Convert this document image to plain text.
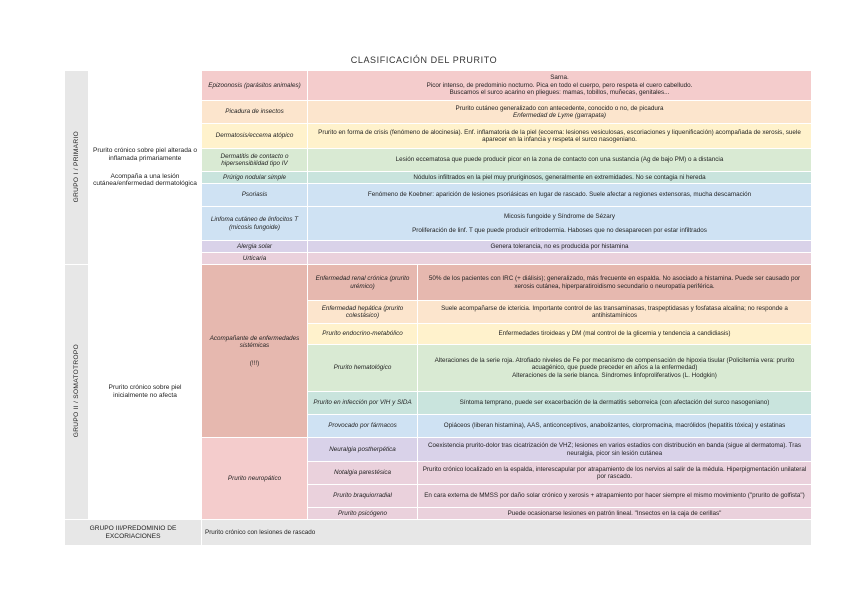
CLASIFICACIÓN DEL PRURITO
GRUPO I / PRIMARIO	Prurito crónico sobre piel alterada o inflamada primariamente
Acompaña a una lesión cutánea/enfermedad dermatológica	Epizoonosis (parásitos animales)	Sarna.
Picor intenso, de predominio nocturno. Pica en todo el cuerpo, pero respeta el cuero cabelludo.
Buscamos el surco acarino en pliegues: mamas, tobillos, muñecas, genitales...	

		Picadura de insectos	Prurito cutáneo generalizado con antecedente, conocido o no, de picadura
Enfermedad de Lyme (garrapata)	

		Dermatosis/eccema atópico	Prurito en forma de crisis (fenómeno de alocinesia). Enf. inflamatoria de la piel (eccema: lesiones vesiculosas, escoriaciones y liquenificación) acompañada de xerosis, suele aparecer en la infancia y respeta el surco nasogeniano.	
		Dermatitis de contacto o hipersensibilidad tipo IV	Lesión eccematosa que puede producir picor en la zona de contacto con una sustancia (Ag de bajo PM) o a distancia	
		Prúrigo nodular simple	Nódulos infiltrados en la piel muy pruriginosos, generalmente en extremidades. No se contagia ni hereda	
		Psoriasis	Fenómeno de Koebner: aparición de lesiones psoriásicas en lugar de rascado. Suele afectar a regiones extensoras, mucha descamación	
		Linfoma cutáneo de linfocitos T (micosis fungoide)	Micosis fungoide y Síndrome de Sézary
Proliferación de linf. T que puede producir eritrodermia. Haboses que no desaparecen por estar infiltrados	

		Alergia solar	Genera tolerancia, no es producida por histamina	
		Urticaria		
GRUPO II / SOMATOTROPO	Prurito crónico sobre piel inicialmente no afecta	Acompañante de enfermedades sistémicas
(!!!)	Enfermedad renal crónica (prurito urémico)	50% de los pacientes con IRC (+ diálisis); generalizado, más frecuente en espalda. No asociado a histamina. Puede ser causado por xerosis cutánea, hiperparatiroidismo secundario o neuropatía periférica.
			Enfermedad hepática (prurito colestásico)	Suele acompañarse de ictericia. Importante control de las transaminasas, traspeptidasas y fosfatasa alcalina; no responde a antihistamínicos
			Prurito endocrino-metabólico	Enfermedades tiroideas y DM (mal control de la glicemia y tendencia a candidiasis)
			Prurito hematológico	Alteraciones de la serie roja. Atrofiado niveles de Fe por mecanismo de compensación de hipoxia tisular (Policitemia vera: prurito acuagénico, que puede preceder en años a la enfermedad)
Alteraciones de la serie blanca. Síndromes linfoproliferativos (L. Hodgkin)

			Prurito en infección por VIH y SIDA	Síntoma temprano, puede ser exacerbación de la dermatitis seborreica (con afectación del surco nasogeniano)
			Provocado por fármacos	Opiáceos (liberan histamina), AAS, anticonceptivos, anabolizantes, clorpromacina, macrólidos (hepatitis tóxica) y estatinas
		Prurito neuropático	Neuralgia postherpética	Coexistencia prurito-dolor tras cicatrización de VHZ; lesiones en varios estadios con distribución en banda (sigue al dermatoma). Tras neuralgia, picor sin lesión cutánea
			Notalgia parestésica	Prurito crónico localizado en la espalda, interescapular por atrapamiento de los nervios al salir de la médula. Hiperpigmentación unilateral por rascado.
			Prurito braquiorradial	En cara externa de MMSS por daño solar crónico y xerosis + atrapamiento por hacer siempre el mismo movimiento ("prurito de golfista")
			Prurito psicógeno	Puede ocasionarse lesiones en patrón lineal. "Insectos en la caja de cerillas"
GRUPO III/PREDOMINIO DE EXCORIACIONES		Prurito crónico con lesiones de rascado		
